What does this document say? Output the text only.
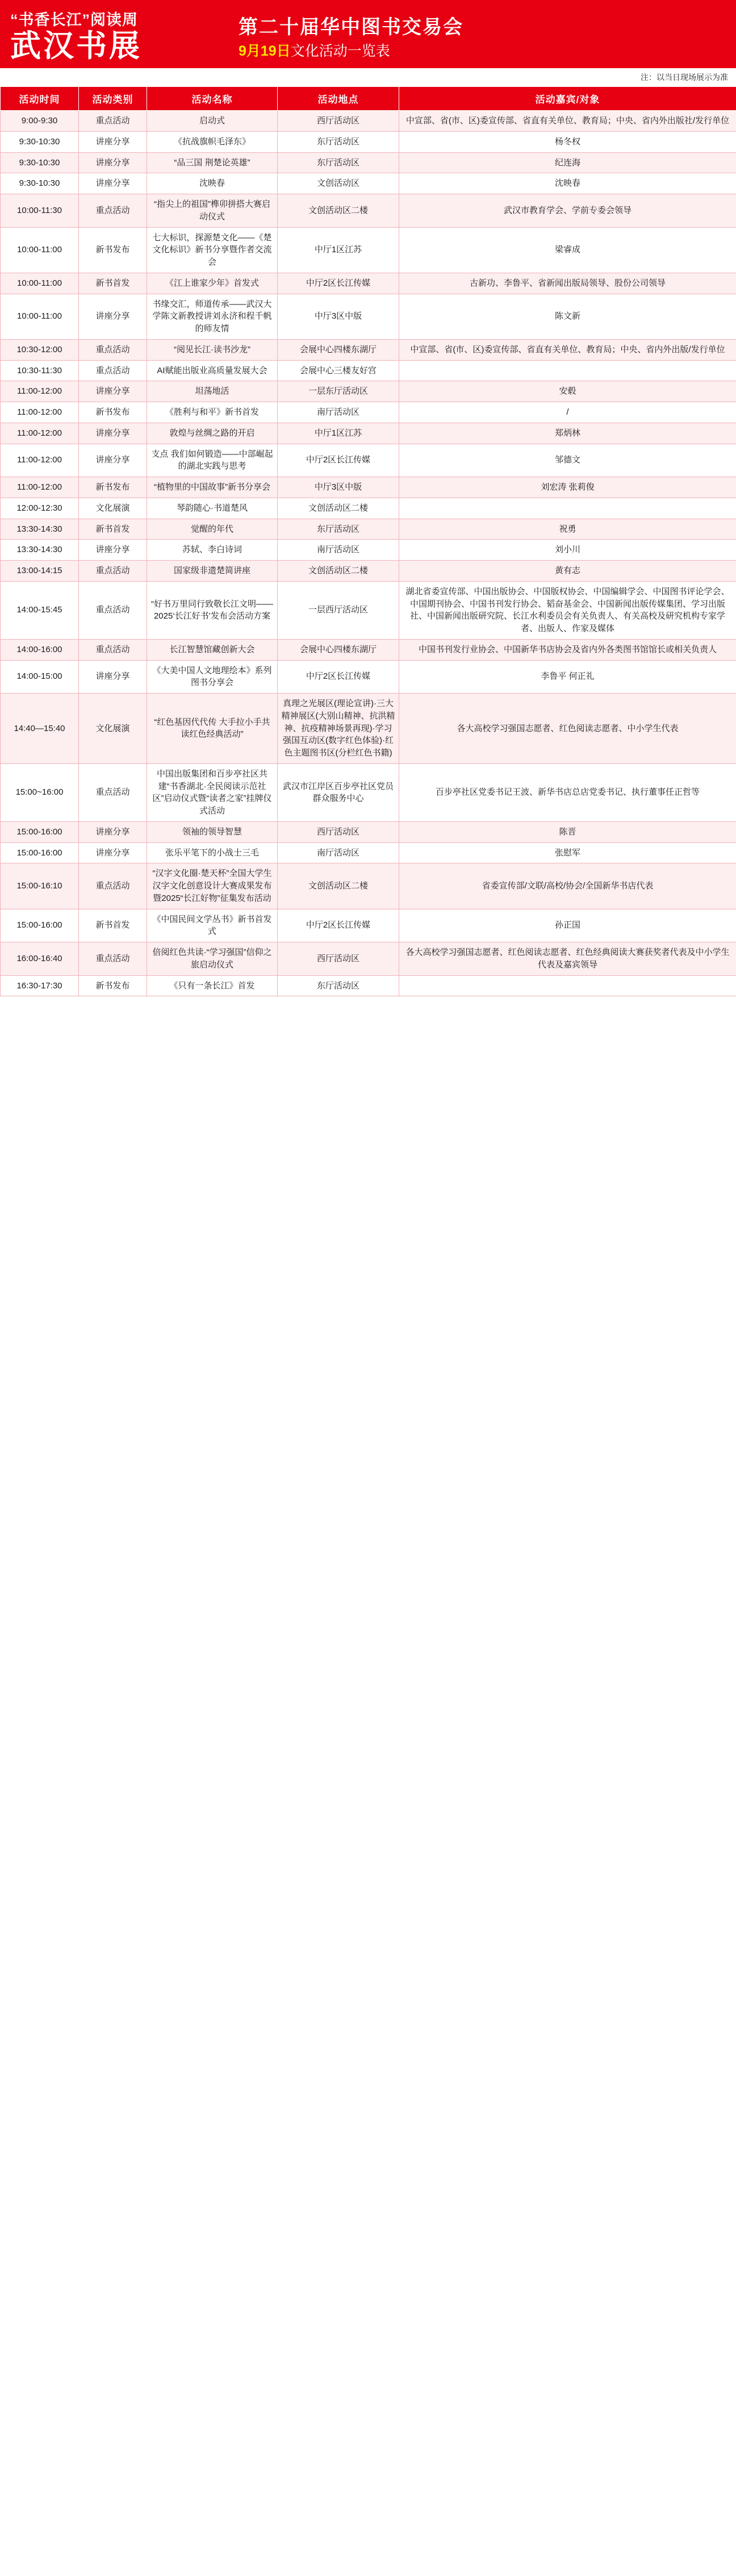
“书香长江”阅读周
武汉书展
第二十届华中图书交易会
9月19日文化活动一览表
注：以当日现场展示为准
活动时间	活动类别	活动名称	活动地点	活动嘉宾/对象
9:00-9:30	重点活动	启动式	西厅活动区	中宣部、省(市、区)委宣传部、省直有关单位、教育局；中央、省内外出版社/发行单位
9:30-10:30	讲座分享	《抗战旗帜毛泽东》	东厅活动区	杨冬权
9:30-10:30	讲座分享	“品三国 荆楚论英雄”	东厅活动区	纪连海
9:30-10:30	讲座分享	沈映春	文创活动区	沈映春
10:00-11:30	重点活动	“指尖上的祖国”榫卯拼搭大赛启动仪式	文创活动区二楼	武汉市教育学会、学前专委会领导
10:00-11:00	新书发布	七大标识，探源楚文化——《楚文化标识》新书分享暨作者交流会	中厅1区江苏	梁睿成
10:00-11:00	新书首发	《江上谁家少年》首发式	中厅2区长江传媒	古新功、李鲁平、省新闻出版局领导、股份公司领导
10:00-11:00	讲座分享	书缘交汇，师道传承——武汉大学陈文新教授讲刘永济和程千帆的师友情	中厅3区中版	陈文新
10:30-12:00	重点活动	“阅见长江·读书沙龙”	会展中心四楼东湖厅	中宣部、省(市、区)委宣传部、省直有关单位、教育局；中央、省内外出版/发行单位
10:30-11:30	重点活动	AI赋能出版业高质量发展大会	会展中心三楼友好宫	
11:00-12:00	讲座分享	坦荡地活	一层东厅活动区	安毂
11:00-12:00	新书发布	《胜利与和平》新书首发	南厅活动区	/
11:00-12:00	讲座分享	敦煌与丝绸之路的开启	中厅1区江苏	郑炳林
11:00-12:00	讲座分享	支点 我们如何锻造——中部崛起的湖北实践与思考	中厅2区长江传媒	邹德文
11:00-12:00	新书发布	“植物里的中国故事”新书分享会	中厅3区中版	刘宏涛 张莉俊
12:00-12:30	文化展演	琴韵随心·书道楚风	文创活动区二楼	
13:30-14:30	新书首发	觉醒的年代	东厅活动区	祝勇
13:30-14:30	讲座分享	苏轼、李白诗词	南厅活动区	刘小川
13:00-14:15	重点活动	国家级非遗楚简讲座	文创活动区二楼	黄有志
14:00-15:45	重点活动	“好书万里同行致敬长江文明——2025‘长江好书’发布会活动方案	一层西厅活动区	湖北省委宣传部、中国出版协会、中国版权协会、中国编辑学会、中国图书评论学会、中国期刊协会、中国书刊发行协会、韬奋基金会、中国新闻出版传媒集团、学习出版社、中国新闻出版研究院、长江水利委员会有关负责人、有关高校及研究机构专家学者、出版人、作家及媒体
14:00-16:00	重点活动	长江智慧馆藏创新大会	会展中心四楼东湖厅	中国书刊发行业协会、中国新华书店协会及省内外各类图书馆馆长或相关负责人
14:00-15:00	讲座分享	《大美中国人文地理绘本》系列图书分享会	中厅2区长江传媒	李鲁平 何正礼
14:40—15:40	文化展演	“红色基因代代传 大手拉小手共读红色经典活动”	真理之光展区(理论宣讲)·三大精神展区(大别山精神、抗洪精神、抗疫精神场景再现)·学习强国互动区(数字红色体验)·红色主题图书区(分栏红色书籍)	各大高校学习强国志愿者、红色阅读志愿者、中小学生代表
15:00~16:00	重点活动	中国出版集团和百步亭社区共建“书香湖北·全民阅读示范社区”启动仪式暨“读者之家”挂牌仪式活动	武汉市江岸区百步亭社区党员群众服务中心	百步亭社区党委书记王波、新华书店总店党委书记、执行董事任正哲等
15:00-16:00	讲座分享	领袖的领导智慧	西厅活动区	陈晋
15:00-16:00	讲座分享	张乐平笔下的小战士三毛	南厅活动区	张慰军
15:00-16:10	重点活动	“汉字文化圈·楚天杯”全国大学生汉字文化创意设计大赛成果发布暨2025“长江好物”征集发布活动	文创活动区二楼	省委宣传部/文联/高校/协会/全国新华书店代表
15:00-16:00	新书首发	《中国民间文学丛书》新书首发式	中厅2区长江传媒	孙正国
16:00-16:40	重点活动	倍阅红色共读·“学习强国”信仰之旅启动仪式	西厅活动区	各大高校学习强国志愿者、红色阅读志愿者、红色经典阅读大赛获奖者代表及中小学生代表及嘉宾领导
16:30-17:30	新书发布	《只有一条长江》首发	东厅活动区	
